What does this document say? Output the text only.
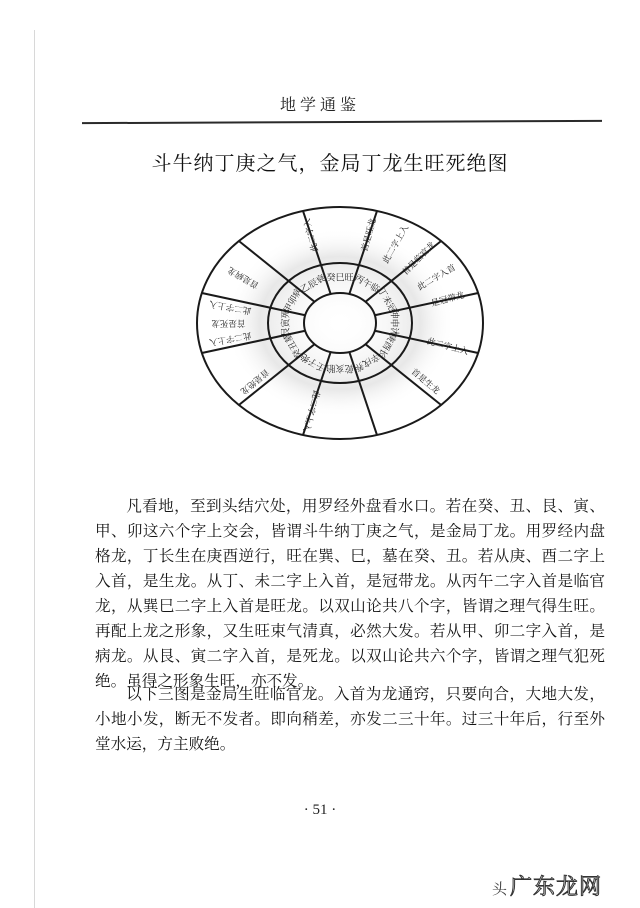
地学通鉴
斗牛纳丁庚之气，金局丁龙生旺死绝图
癸巳旺 丙午临
丁未冠
坤申沐
庚酉长
辛戌养
乾亥胎
壬子绝
癸丑墓
艮寅死
甲卯病
乙辰衰
此二字入	首是旺龙 此二字上入
首是临官龙
此二字入首
是冠带龙
此二字上入
首是生龙
此二字上入
首是绝龙
此二字上入
首是死龙
此二字上入
首是病龙

凡看地，至到头结穴处，用罗经外盘看水口。若在癸、丑、艮、寅、甲、卯这六个字上交会，皆谓斗牛纳丁庚之气，是金局丁龙。用罗经内盘格龙，丁长生在庚酉逆行，旺在巽、巳，墓在癸、丑。若从庚、酉二字上入首，是生龙。从丁、未二字上入首，是冠带龙。从丙午二字入首是临官龙，从巽巳二字上入首是旺龙。以双山论共八个字，皆谓之理气得生旺。再配上龙之形象，又生旺束气清真，必然大发。若从甲、卯二字入首，是病龙。从艮、寅二字入首，是死龙。以双山论共六个字，皆谓之理气犯死绝。虽得之形象生旺，亦不发。

以下三图是金局生旺临官龙。入首为龙通窍，只要向合，大地大发，小地小发，断无不发者。即向稍差，亦发二三十年。过三十年后，行至外堂水运，方主败绝。

· 51 ·
头广东龙网
